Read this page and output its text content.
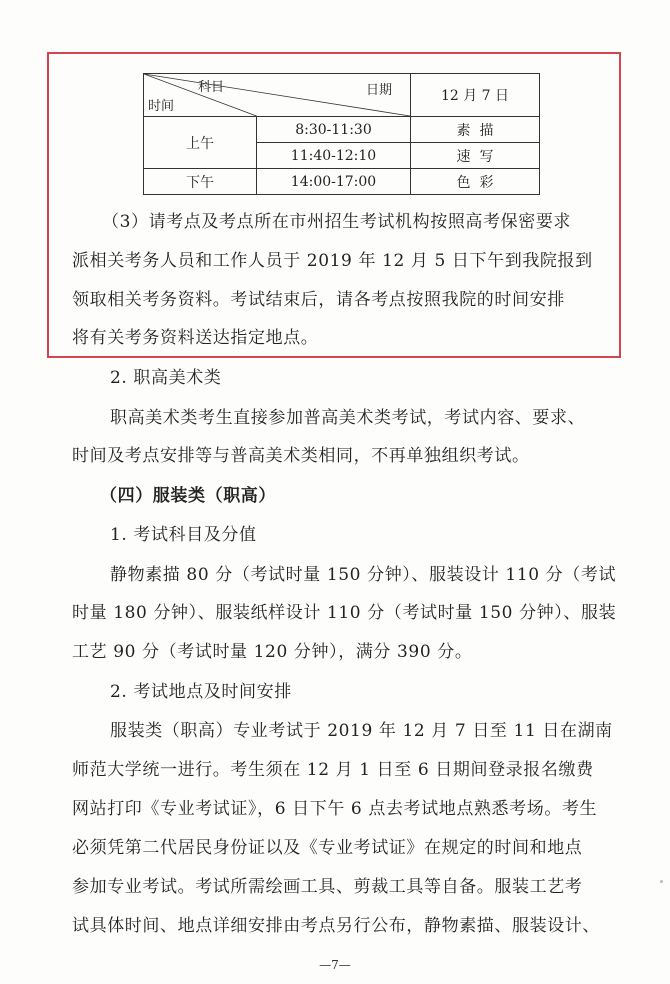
科目 日期
时间		12 月 7 日
上午	8:30-11:30	素  描
	11:40-12:10	速  写
下午	14:00-17:00	色  彩
（3）请考点及考点所在市州招生考试机构按照高考保密要求
派相关考务人员和工作人员于 2019 年 12 月 5 日下午到我院报到
领取相关考务资料。考试结束后，请各考点按照我院的时间安排
将有关考务资料送达指定地点。
2. 职高美术类
职高美术类考生直接参加普高美术类考试，考试内容、要求、
时间及考点安排等与普高美术类相同，不再单独组织考试。
（四）服装类（职高）
1. 考试科目及分值
静物素描 80 分（考试时量 150 分钟）、服装设计 110 分（考试
时量 180 分钟）、服装纸样设计 110 分（考试时量 150 分钟）、服装
工艺 90 分（考试时量 120 分钟），满分 390 分。
2. 考试地点及时间安排
服装类（职高）专业考试于 2019 年 12 月 7 日至 11 日在湖南
师范大学统一进行。考生须在 12 月 1 日至 6 日期间登录报名缴费
网站打印《专业考试证》，6 日下午 6 点去考试地点熟悉考场。考生
必须凭第二代居民身份证以及《专业考试证》在规定的时间和地点
参加专业考试。考试所需绘画工具、剪裁工具等自备。服装工艺考
试具体时间、地点详细安排由考点另行公布，静物素描、服装设计、
—7—
